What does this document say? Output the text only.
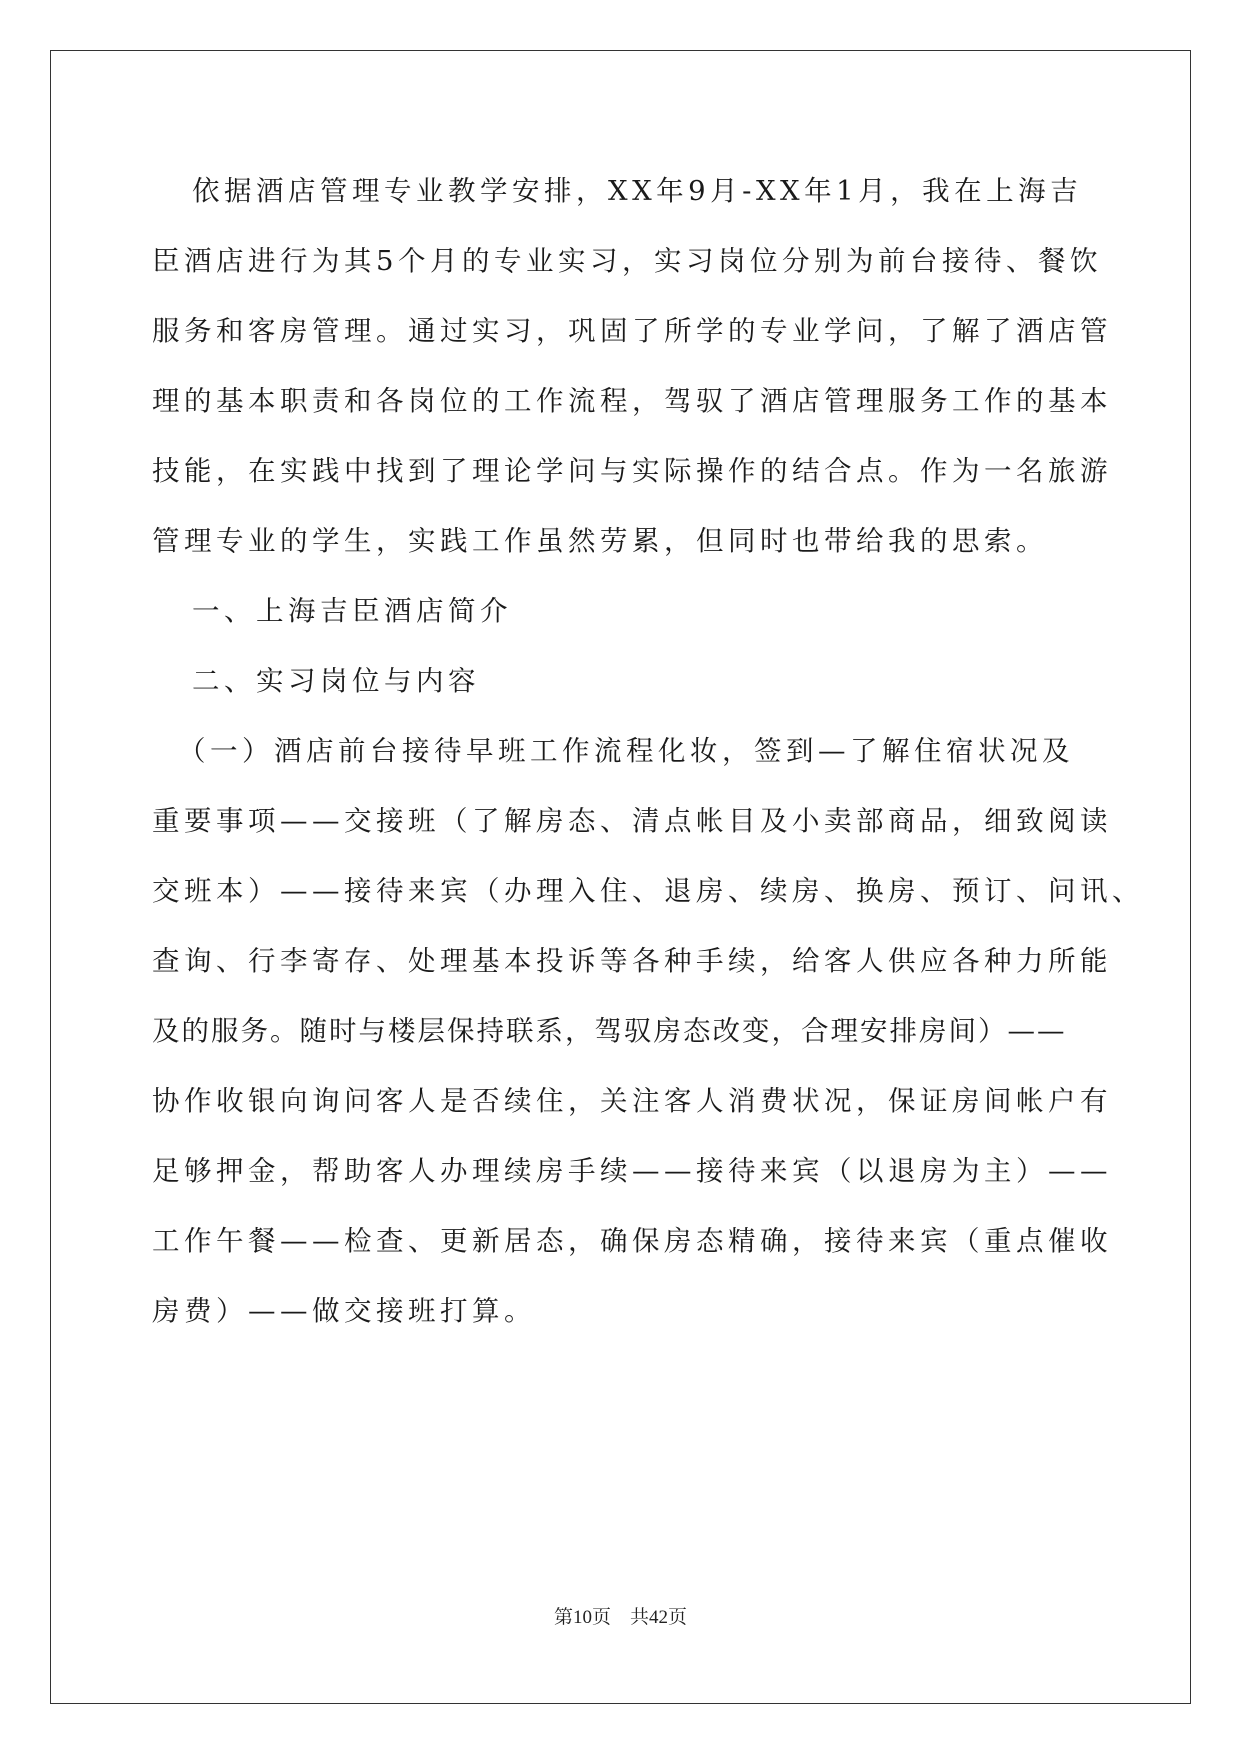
依据酒店管理专业教学安排，XX年9月-XX年1月，我在上海吉
臣酒店进行为其5个月的专业实习，实习岗位分别为前台接待、餐饮
服务和客房管理。通过实习，巩固了所学的专业学问，了解了酒店管
理的基本职责和各岗位的工作流程，驾驭了酒店管理服务工作的基本
技能，在实践中找到了理论学问与实际操作的结合点。作为一名旅游
管理专业的学生，实践工作虽然劳累，但同时也带给我的思索。
一、上海吉臣酒店简介
二、实习岗位与内容
（一）酒店前台接待早班工作流程化妆，签到—了解住宿状况及
重要事项——交接班（了解房态、清点帐目及小卖部商品，细致阅读
交班本）——接待来宾（办理入住、退房、续房、换房、预订、问讯、
查询、行李寄存、处理基本投诉等各种手续，给客人供应各种力所能
及的服务。随时与楼层保持联系，驾驭房态改变，合理安排房间）——
协作收银向询问客人是否续住，关注客人消费状况，保证房间帐户有
足够押金，帮助客人办理续房手续——接待来宾（以退房为主）——
工作午餐——检查、更新居态，确保房态精确，接待来宾（重点催收
房费）——做交接班打算。
第10页　共42页
